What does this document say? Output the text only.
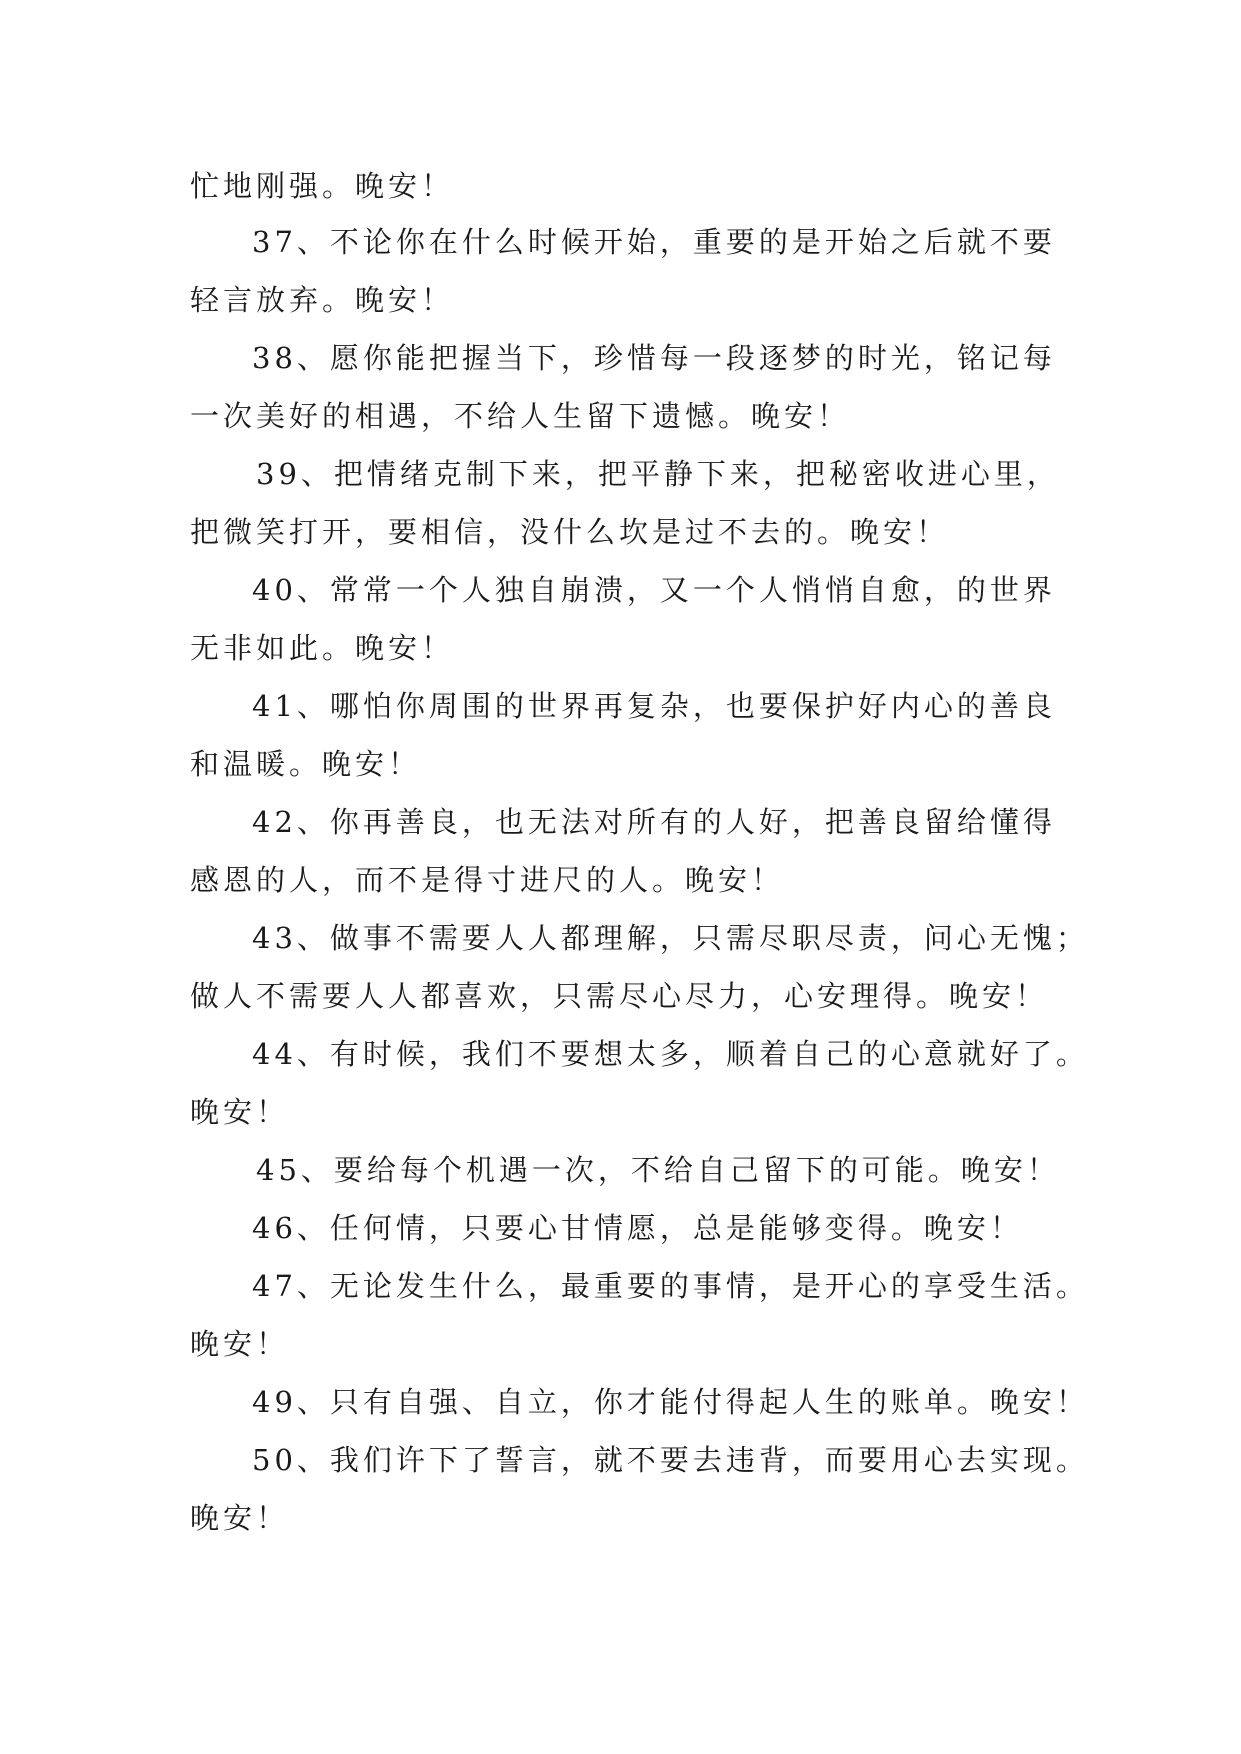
忙地刚强。晚安！
37、不论你在什么时候开始，重要的是开始之后就不要
轻言放弃。晚安！
38、愿你能把握当下，珍惜每一段逐梦的时光，铭记每
一次美好的相遇，不给人生留下遗憾。晚安！
39、把情绪克制下来，把平静下来，把秘密收进心里，
把微笑打开，要相信，没什么坎是过不去的。晚安！
40、常常一个人独自崩溃，又一个人悄悄自愈，的世界
无非如此。晚安！
41、哪怕你周围的世界再复杂，也要保护好内心的善良
和温暖。晚安！
42、你再善良，也无法对所有的人好，把善良留给懂得
感恩的人，而不是得寸进尺的人。晚安！
43、做事不需要人人都理解，只需尽职尽责，问心无愧；
做人不需要人人都喜欢，只需尽心尽力，心安理得。晚安！
44、有时候，我们不要想太多，顺着自己的心意就好了。
晚安！
45、要给每个机遇一次，不给自己留下的可能。晚安！
46、任何情，只要心甘情愿，总是能够变得。晚安！
47、无论发生什么，最重要的事情，是开心的享受生活。
晚安！
49、只有自强、自立，你才能付得起人生的账单。晚安！
50、我们许下了誓言，就不要去违背，而要用心去实现。
晚安！
